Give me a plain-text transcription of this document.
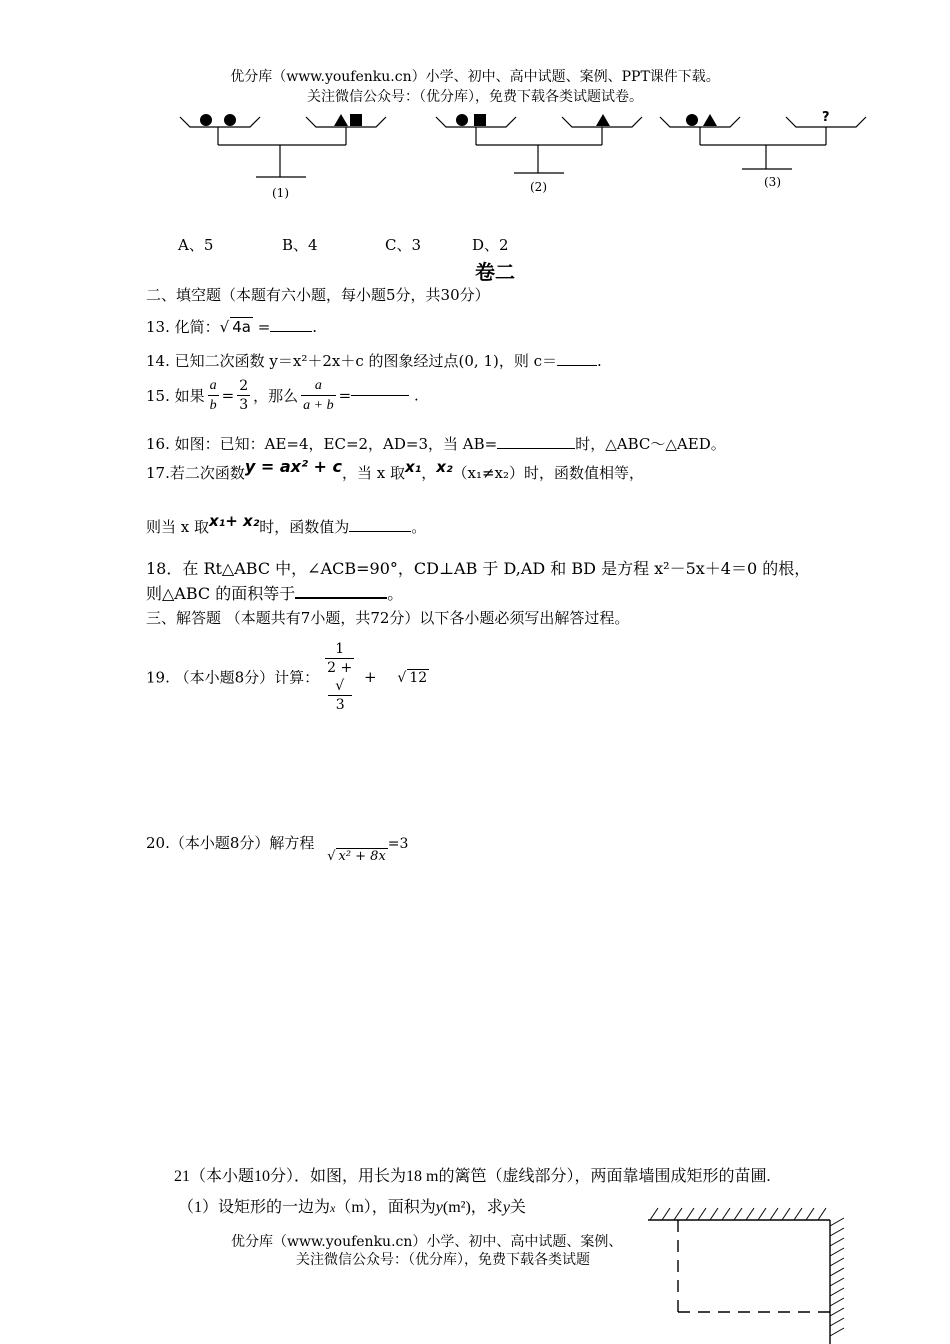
优分库（www.youfenku.cn）小学、初中、高中试题、案例、PPT课件下载。
关注微信公众号：（优分库），免费下载各类试题试卷。
?
(1)	(2)	(3)
A、5	B、4	C、3	D、2
卷二
二、填空题（本题有六小题，每小题5分，共30分）
13. 化简：√ 4a =	.
14. 已知二次函数 y＝x²＋2x＋c 的图象经过点(0, 1)，则 c＝	.
15. 如果 $\frac{a}{b} = \frac{2}{3}$ ，那么 $\frac{a}{a + b}$ =	.
16. 如图：已知：AE=4，EC=2，AD=3，当 AB=	时，△ABC～△AED。
17.若二次函数y = ax² + c，当 x 取x₁，x₂（x₁≠x₂）时，函数值相等，
则当 x 取x₁+ x₂时，函数值为	。
18．在 Rt△ABC 中，∠ACB=90°，CD⊥AB 于 D,AD 和 BD 是方程 x²－5x＋4＝0 的根，
则△ABC 的面积等于	。
三、解答题 （本题共有7小题，共72分）以下各小题必须写出解答过程。
19. （本小题8分）计算： 1
2 +
√
3 + √ 12
20.（本小题8分）解方程 √ x² + 8x=3
21（本小题10分）．如图，用长为18 m的篱笆（虚线部分），两面靠墙围成矩形的苗圃.
（1）设矩形的一边为x（m），面积为y(m²)，求y关
优分库（www.youfenku.cn）小学、初中、高中试题、案例、
关注微信公众号：（优分库），免费下载各类试题
